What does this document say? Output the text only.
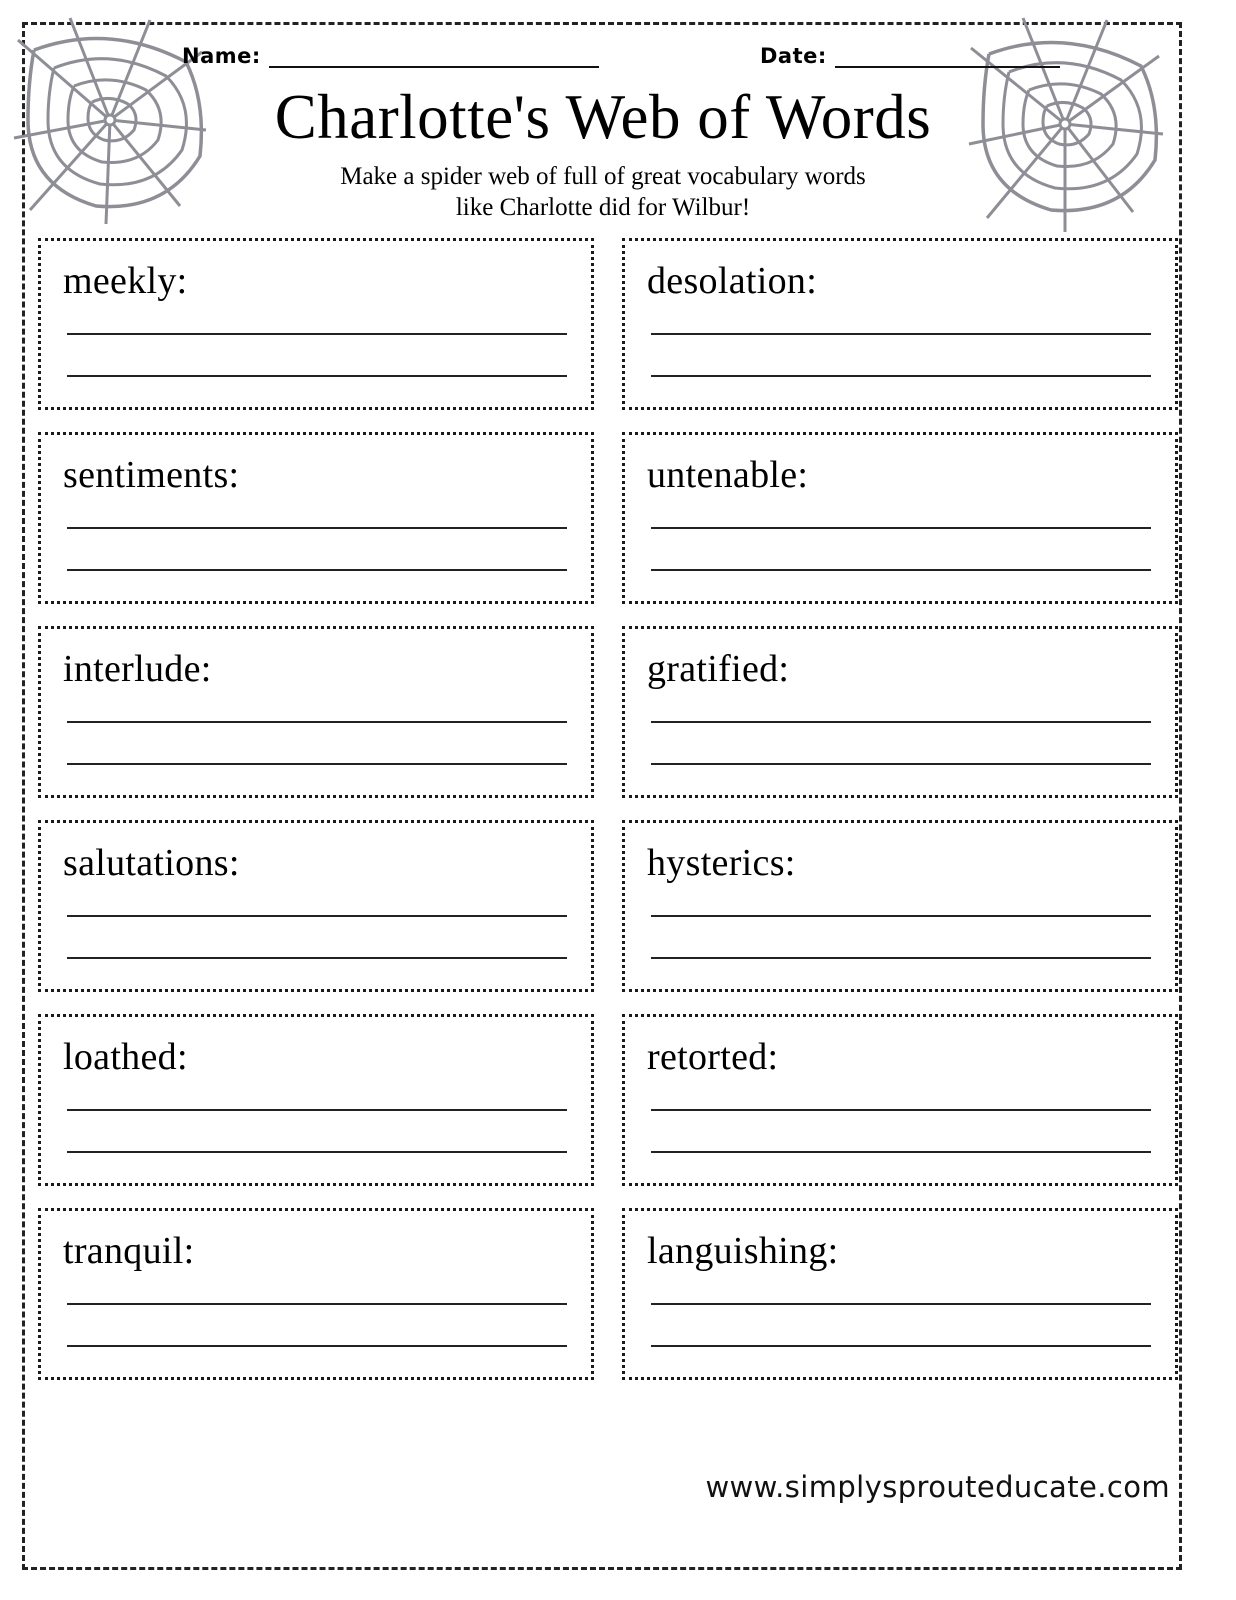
Name:	Date:
Charlotte's Web of Words
Make a spider web of full of great vocabulary words
like Charlotte did for Wilbur!
meekly:	desolation:
sentiments:	untenable:
interlude:	gratified:
salutations:	hysterics:
loathed:	retorted:
tranquil:	languishing:
www.simplysprouteducate.com
